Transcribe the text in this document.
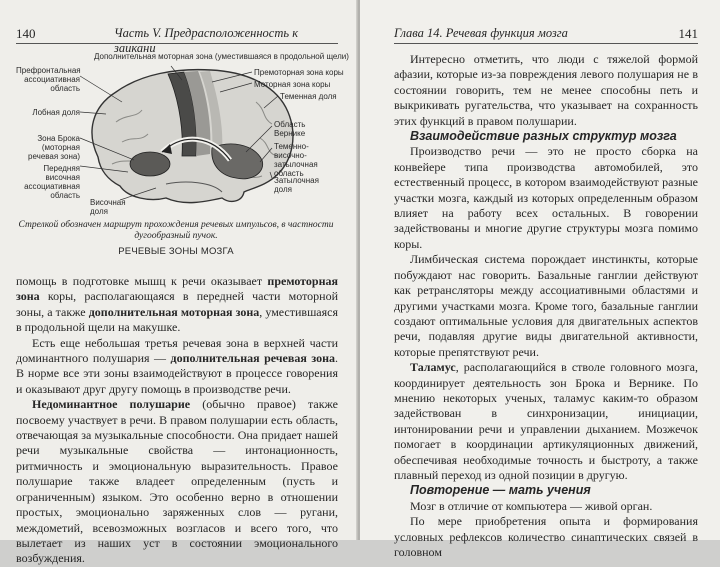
140	Часть V. Предрасположенность к заикани
Дополнительная моторная зона (уместившаяся в продольной щели)
Префронтальная ассоциативная область
Лобная доля
Зона Брока (моторная речевая зона)
Передняя височная ассоциативная область
Височная доля
Премоторная зона коры
Моторная зона коры
Теменная доля
Область Вернике
Теменно-височно-затылочная область
Затылочная доля
Стрелкой обозначен маршрут прохождения речевых импульсов, в частности дугообразный пучок.
РЕЧЕВЫЕ ЗОНЫ МОЗГА

помощь в подготовке мышц к речи оказывает премоторная зона коры, располагающаяся в передней части моторной зоны, а также дополнительная моторная зона, уместившаяся в продольной щели на макушке.

Есть еще небольшая третья речевая зона в верхней части доминантного полушария — дополнительная речевая зона. В норме все эти зоны взаимодействуют в процессе говорения и оказывают друг другу помощь в производстве речи.

Недоминантное полушарие (обычно правое) также посвоему участвует в речи. В правом полушарии есть область, отвечающая за музыкальные способности. Она придает нашей речи музыкальные свойства — интонационность, ритмичность и эмоциональную выразительность. Правое полушарие также владеет определенным (пусть и ограниченным) языком. Это особенно верно в отношении простых, эмоционально заряженных слов — ругани, междометий, всевозможных возгласов и всего того, что вылетает из наших уст в состоянии эмоционального возбуждения.

Глава 14. Речевая функция мозга	141

Интересно отметить, что люди с тяжелой формой афазии, которые из-за повреждения левого полушария не в состоянии говорить, тем не менее способны петь и выкрикивать ругательства, что указывает на сохранность этих функций в правом полушарии.

Взаимодействие разных структур мозга

Производство речи — это не просто сборка на конвейере типа производства автомобилей, это естественный процесс, в котором взаимодействуют разные участки мозга, каждый из которых определенным образом влияет на работу всех остальных. В говорении задействованы и многие другие структуры мозга помимо коры.

Лимбическая система порождает инстинкты, которые побуждают нас говорить. Базальные ганглии действуют как ретрансляторы между ассоциативными областями и другими участками мозга. Кроме того, базальные ганглии создают оптимальные условия для двигательных аспектов речи, подавляя другие виды двигательной активности, которые препятствуют речи.

Таламус, располагающийся в стволе головного мозга, координирует деятельность зон Брока и Вернике. По мнению некоторых ученых, таламус каким-то образом задействован в синхронизации, инициации, интонировании речи и управлении дыханием. Мозжечок помогает в координации артикуляционных движений, обеспечивая необходимые точность и быстроту, а также плавный переход из одной позиции в другую.

Повторение — мать учения

Мозг в отличие от компьютера — живой орган.

По мере приобретения опыта и формирования условных рефлексов количество синаптических связей в головном
